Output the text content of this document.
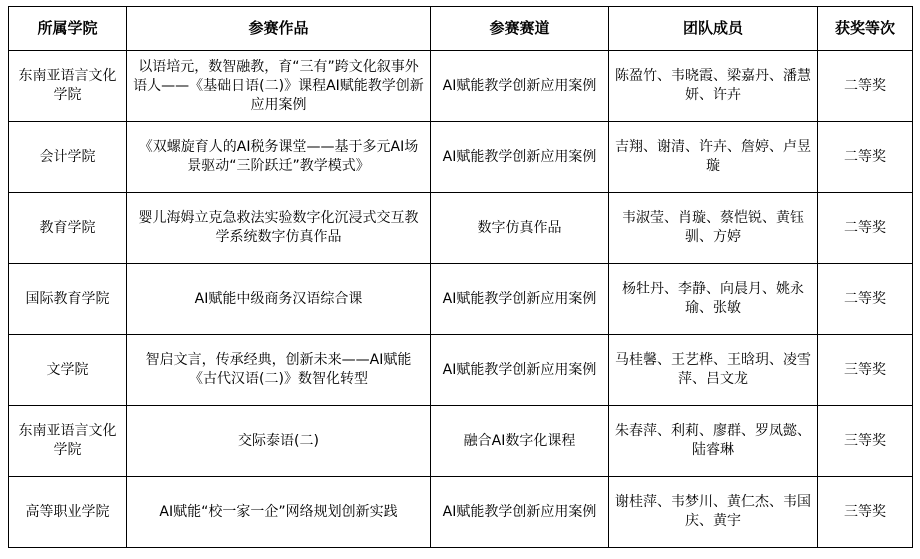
所属学院	参赛作品	参赛赛道	团队成员	获奖等次
东南亚语言文化学院	以语培元，数智融教，育“三有”跨文化叙事外语人——《基础日语(二)》课程AI赋能教学创新应用案例	AI赋能教学创新应用案例	陈盈竹、韦晓霞、梁嘉丹、潘慧妍、许卉	二等奖
会计学院	《双螺旋育人的AI税务课堂——基于多元AI场景驱动“三阶跃迁”教学模式》	AI赋能教学创新应用案例	吉翔、谢清、许卉、詹婷、卢昱璇	二等奖
教育学院	婴儿海姆立克急救法实验数字化沉浸式交互教学系统数字仿真作品	数字仿真作品	韦淑莹、肖璇、蔡恺锐、黄钰驯、方婷	二等奖
国际教育学院	AI赋能中级商务汉语综合课	AI赋能教学创新应用案例	杨牡丹、李静、向晨月、姚永瑜、张敏	二等奖
文学院	智启文言，传承经典，创新未来——AI赋能《古代汉语(二)》数智化转型	AI赋能教学创新应用案例	马桂馨、王艺桦、王晗玥、凌雪萍、吕文龙	三等奖
东南亚语言文化学院	交际泰语(二)	融合AI数字化课程	朱春萍、利莉、廖群、罗凤懿、陆睿琳	三等奖
高等职业学院	AI赋能“校一家一企”网络规划创新实践	AI赋能教学创新应用案例	谢桂萍、韦梦川、黄仁杰、韦国庆、黄宇	三等奖
